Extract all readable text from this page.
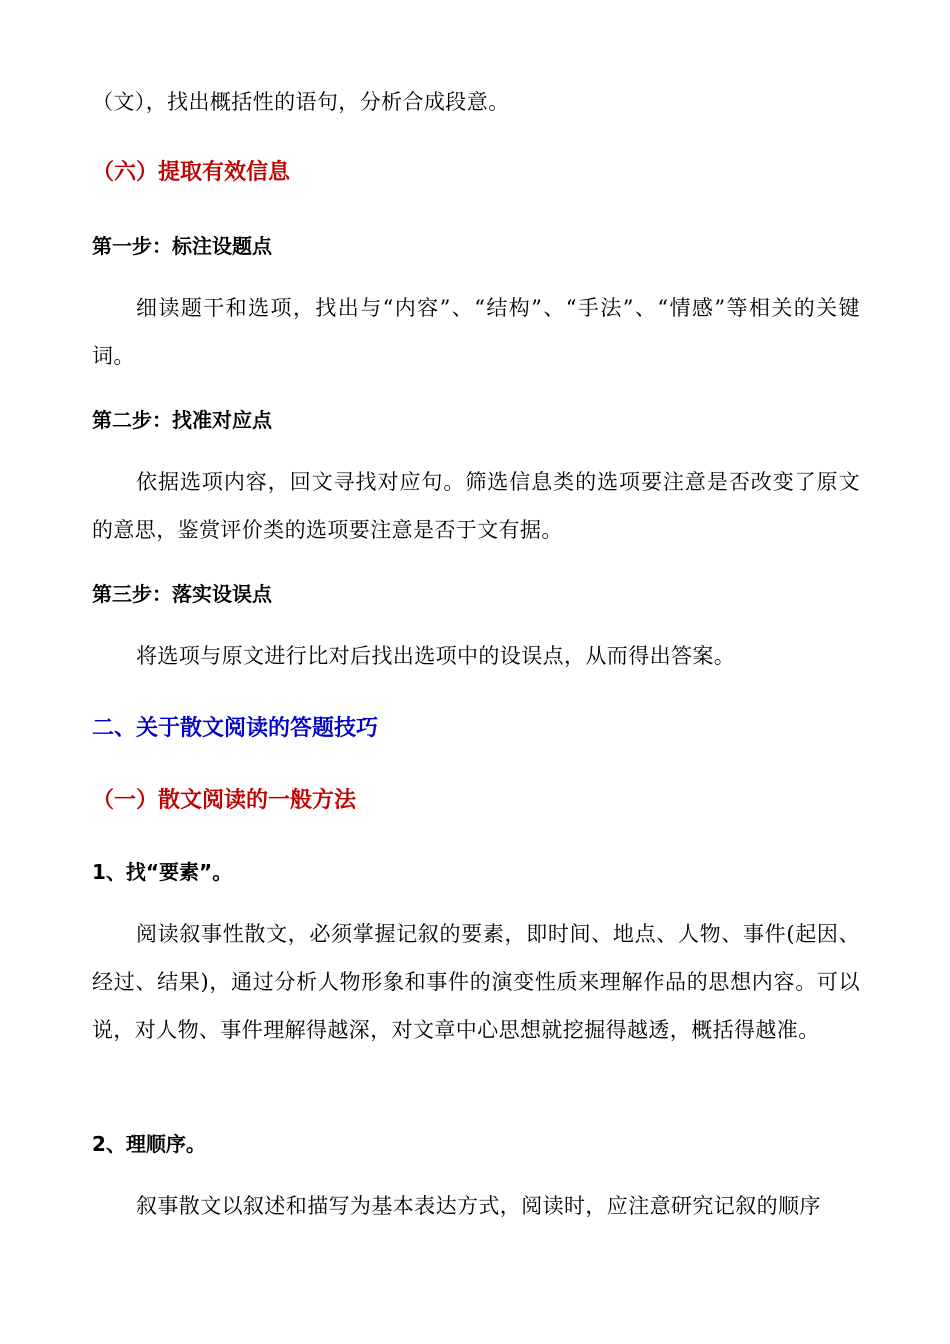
（文），找出概括性的语句，分析合成段意。

（六）提取有效信息
第一步：标注设题点

细读题干和选项，找出与“内容”、“结构”、“手法”、“情感”等相关的关键词。

第二步：找准对应点

依据选项内容，回文寻找对应句。筛选信息类的选项要注意是否改变了原文的意思，鉴赏评价类的选项要注意是否于文有据。

第三步：落实设误点

将选项与原文进行比对后找出选项中的设误点，从而得出答案。

二、关于散文阅读的答题技巧
（一）散文阅读的一般方法
1、找“要素”。

阅读叙事性散文，必须掌握记叙的要素，即时间、地点、人物、事件(起因、经过、结果)，通过分析人物形象和事件的演变性质来理解作品的思想内容。可以说，对人物、事件理解得越深，对文章中心思想就挖掘得越透，概括得越准。

2、理顺序。

叙事散文以叙述和描写为基本表达方式，阅读时，应注意研究记叙的顺序
